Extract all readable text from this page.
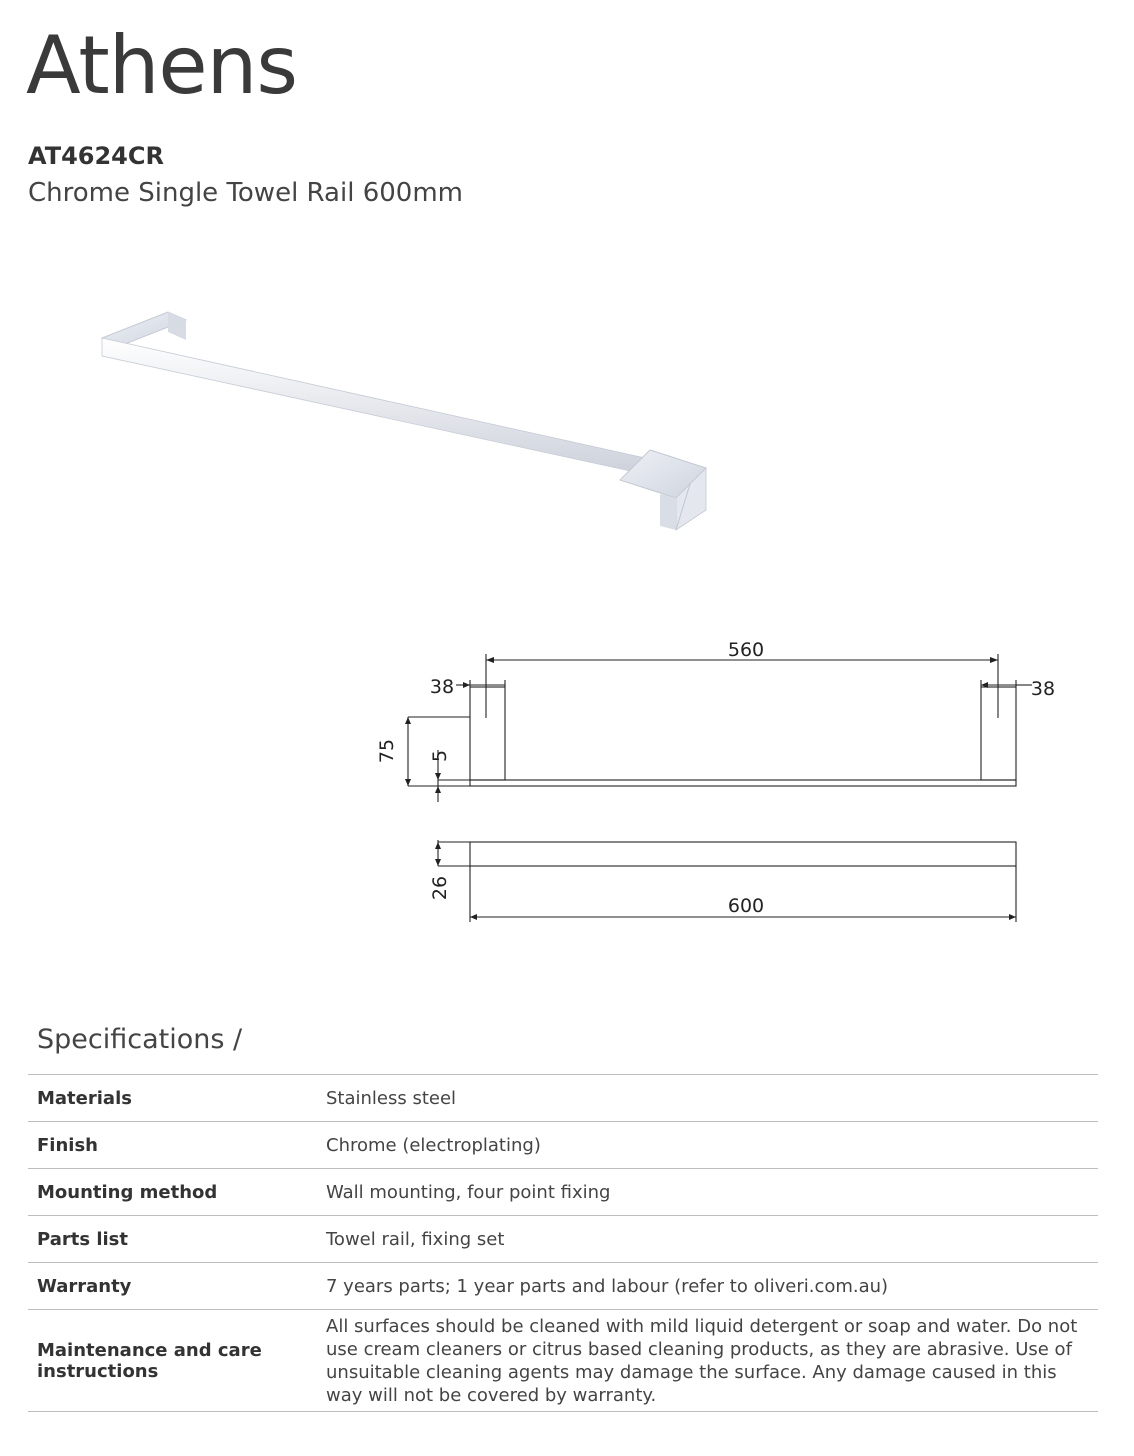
Athens
AT4624CR
Chrome Single Towel Rail 600mm
560
38	38
75 5
26
600
Specifications /
Materials	Stainless steel
Finish	Chrome (electroplating)
Mounting method	Wall mounting, four point fixing
Parts list	Towel rail, fixing set
Warranty	7 years parts; 1 year parts and labour (refer to oliveri.com.au)
Maintenance and care instructions	All surfaces should be cleaned with mild liquid detergent or soap and water. Do not use cream cleaners or citrus based cleaning products, as they are abrasive. Use of unsuitable cleaning agents may damage the surface. Any damage caused in this way will not be covered by warranty.
